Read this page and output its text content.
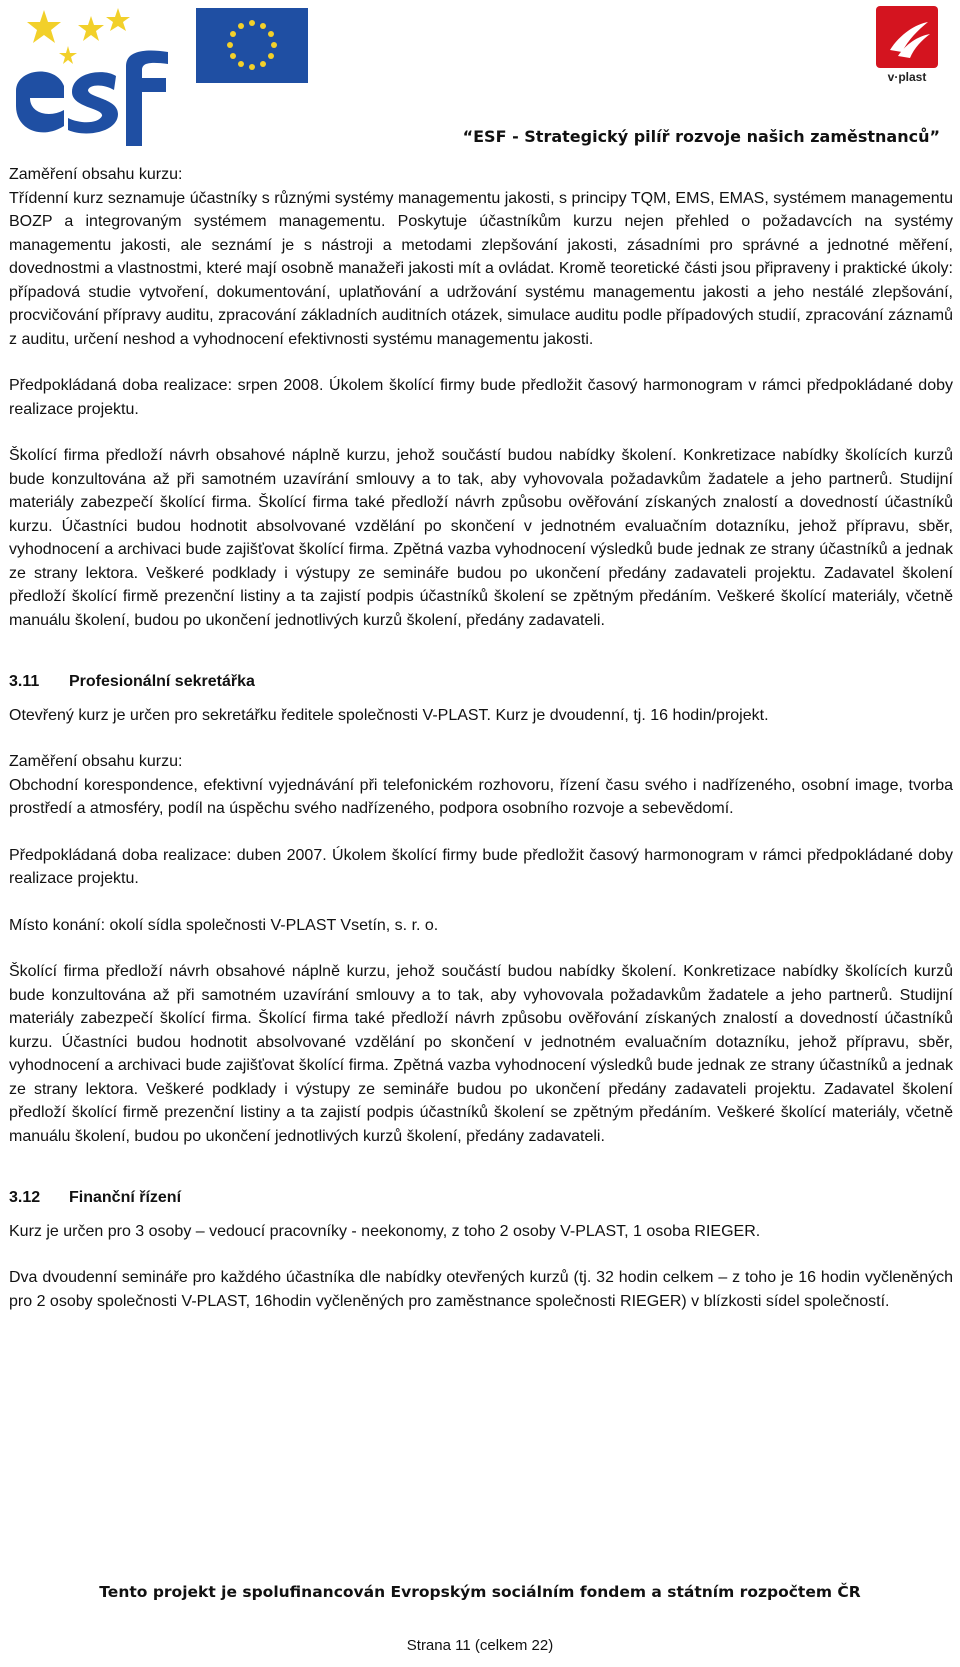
esf
v·plast
“ESF - Strategický pilíř rozvoje našich zaměstnanců”

Zaměření obsahu kurzu:

Třídenní kurz seznamuje účastníky s různými systémy managementu jakosti, s principy TQM, EMS, EMAS, systémem managementu BOZP a integrovaným systémem managementu. Poskytuje účastníkům kurzu nejen přehled o požadavcích na systémy managementu jakosti, ale seznámí je s nástroji a metodami zlepšování jakosti, zásadními pro správné a jednotné měření, dovednostmi a vlastnostmi, které mají osobně manažeři jakosti mít a ovládat. Kromě teoretické části jsou připraveny i praktické úkoly: případová studie vytvoření, dokumentování, uplatňování a udržování systému managementu jakosti a jeho nestálé zlepšování, procvičování přípravy auditu, zpracování základních auditních otázek, simulace auditu podle případových studií, zpracování záznamů z auditu, určení neshod a vyhodnocení efektivnosti systému managementu jakosti.

Předpokládaná doba realizace: srpen 2008. Úkolem školící firmy bude předložit časový harmonogram v rámci předpokládané doby realizace projektu.

Školící firma předloží návrh obsahové náplně kurzu, jehož součástí budou nabídky školení. Konkretizace nabídky školících kurzů bude konzultována až při samotném uzavírání smlouvy a to tak, aby vyhovovala požadavkům žadatele a jeho partnerů. Studijní materiály zabezpečí školící firma. Školící firma také předloží návrh způsobu ověřování získaných znalostí a dovedností účastníků kurzu. Účastníci budou hodnotit absolvované vzdělání po skončení v jednotném evaluačním dotazníku, jehož přípravu, sběr, vyhodnocení a archivaci bude zajišťovat školící firma. Zpětná vazba vyhodnocení výsledků bude jednak ze strany účastníků a jednak ze strany lektora. Veškeré podklady i výstupy ze semináře budou po ukončení předány zadavateli projektu. Zadavatel školení předloží školící firmě prezenční listiny a ta zajistí podpis účastníků školení se zpětným předáním. Veškeré školící materiály, včetně manuálu školení, budou po ukončení jednotlivých kurzů školení, předány zadavateli.

3.11	Profesionální sekretářka

Otevřený kurz je určen pro sekretářku ředitele společnosti V-PLAST. Kurz je dvoudenní, tj. 16 hodin/projekt.

Zaměření obsahu kurzu:

Obchodní korespondence, efektivní vyjednávání při telefonickém rozhovoru, řízení času svého i nadřízeného, osobní image, tvorba prostředí a atmosféry, podíl na úspěchu svého nadřízeného, podpora osobního rozvoje a sebevědomí.

Předpokládaná doba realizace: duben 2007. Úkolem školící firmy bude předložit časový harmonogram v rámci předpokládané doby realizace projektu.

Místo konání: okolí sídla společnosti V-PLAST Vsetín, s. r. o.

Školící firma předloží návrh obsahové náplně kurzu, jehož součástí budou nabídky školení. Konkretizace nabídky školících kurzů bude konzultována až při samotném uzavírání smlouvy a to tak, aby vyhovovala požadavkům žadatele a jeho partnerů. Studijní materiály zabezpečí školící firma. Školící firma také předloží návrh způsobu ověřování získaných znalostí a dovedností účastníků kurzu. Účastníci budou hodnotit absolvované vzdělání po skončení v jednotném evaluačním dotazníku, jehož přípravu, sběr, vyhodnocení a archivaci bude zajišťovat školící firma. Zpětná vazba vyhodnocení výsledků bude jednak ze strany účastníků a jednak ze strany lektora. Veškeré podklady i výstupy ze semináře budou po ukončení předány zadavateli projektu. Zadavatel školení předloží školící firmě prezenční listiny a ta zajistí podpis účastníků školení se zpětným předáním. Veškeré školící materiály, včetně manuálu školení, budou po ukončení jednotlivých kurzů školení, předány zadavateli.

3.12	Finanční řízení

Kurz je určen pro 3 osoby – vedoucí pracovníky - neekonomy, z toho 2 osoby V-PLAST, 1 osoba RIEGER.

Dva dvoudenní semináře pro každého účastníka dle nabídky otevřených kurzů (tj. 32 hodin celkem – z toho je 16 hodin vyčleněných pro 2 osoby společnosti V-PLAST, 16hodin vyčleněných pro zaměstnance společnosti RIEGER) v blízkosti sídel společností.

Tento projekt je spolufinancován Evropským sociálním fondem a státním rozpočtem ČR
Strana 11 (celkem 22)
